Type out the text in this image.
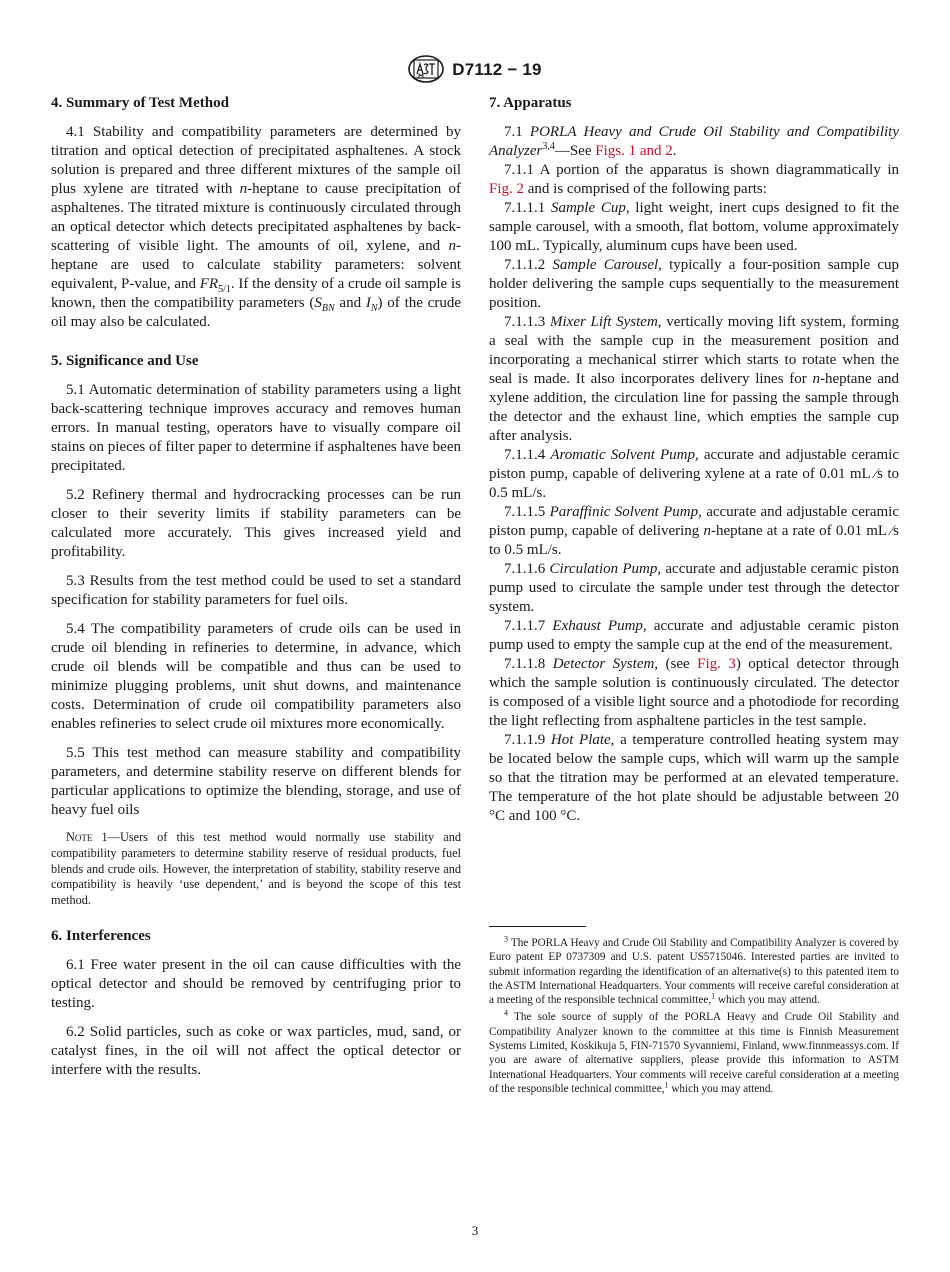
D7112 − 19
4. Summary of Test Method

4.1 Stability and compatibility parameters are determined by titration and optical detection of precipitated asphaltenes. A stock solution is prepared and three different mixtures of the sample oil plus xylene are titrated with n-heptane to cause precipitation of asphaltenes. The titrated mixture is continuously circulated through an optical detector which detects precipitated asphaltenes by back-scattering of visible light. The amounts of oil, xylene, and n-heptane are used to calculate stability parameters: solvent equivalent, P-value, and $FR_{5/1}$. If the density of a crude oil sample is known, then the compatibility parameters ($S_{BN}$ and $I_N$) of the crude oil may also be calculated.

5. Significance and Use

5.1 Automatic determination of stability parameters using a light back-scattering technique improves accuracy and removes human errors. In manual testing, operators have to visually compare oil stains on pieces of filter paper to determine if asphaltenes have been precipitated.

5.2 Refinery thermal and hydrocracking processes can be run closer to their severity limits if stability parameters can be calculated more accurately. This gives increased yield and profitability.

5.3 Results from the test method could be used to set a standard specification for stability parameters for fuel oils.

5.4 The compatibility parameters of crude oils can be used in crude oil blending in refineries to determine, in advance, which crude oil blends will be compatible and thus can be used to minimize plugging problems, unit shut downs, and maintenance costs. Determination of crude oil compatibility parameters also enables refineries to select crude oil mixtures more economically.

5.5 This test method can measure stability and compatibility parameters, and determine stability reserve on different blends for particular applications to optimize the blending, storage, and use of heavy fuel oils

Note 1—Users of this test method would normally use stability and compatibility parameters to determine stability reserve of residual products, fuel blends and crude oils. However, the interpretation of stability, stability reserve and compatibility is heavily ‘use dependent,’ and is beyond the scope of this test method.
6. Interferences

6.1 Free water present in the oil can cause difficulties with the optical detector and should be removed by centrifuging prior to testing.

6.2 Solid particles, such as coke or wax particles, mud, sand, or catalyst fines, in the oil will not affect the optical detector or interfere with the results.

7. Apparatus

7.1 PORLA Heavy and Crude Oil Stability and Compatibility Analyzer$^{3,4}$—See Figs. 1 and 2.

7.1.1 A portion of the apparatus is shown diagrammatically in Fig. 2 and is comprised of the following parts:

7.1.1.1 Sample Cup, light weight, inert cups designed to fit the sample carousel, with a smooth, flat bottom, volume approximately 100 mL. Typically, aluminum cups have been used.

7.1.1.2 Sample Carousel, typically a four-position sample cup holder delivering the sample cups sequentially to the measurement position.

7.1.1.3 Mixer Lift System, vertically moving lift system, forming a seal with the sample cup in the measurement position and incorporating a mechanical stirrer which starts to rotate when the seal is made. It also incorporates delivery lines for n-heptane and xylene addition, the circulation line for passing the sample through the detector and the exhaust line, which empties the sample cup after analysis.

7.1.1.4 Aromatic Solvent Pump, accurate and adjustable ceramic piston pump, capable of delivering xylene at a rate of 0.01 mL ⁄s to 0.5 mL/s.

7.1.1.5 Paraffinic Solvent Pump, accurate and adjustable ceramic piston pump, capable of delivering n-heptane at a rate of 0.01 mL ⁄s to 0.5 mL/s.

7.1.1.6 Circulation Pump, accurate and adjustable ceramic piston pump used to circulate the sample under test through the detector system.

7.1.1.7 Exhaust Pump, accurate and adjustable ceramic piston pump used to empty the sample cup at the end of the measurement.

7.1.1.8 Detector System, (see Fig. 3) optical detector through which the sample solution is continuously circulated. The detector is composed of a visible light source and a photodiode for recording the light reflecting from asphaltene particles in the test sample.

7.1.1.9 Hot Plate, a temperature controlled heating system may be located below the sample cups, which will warm up the sample so that the titration may be performed at an elevated temperature. The temperature of the hot plate should be adjustable between 20 °C and 100 °C.

$^3$ The PORLA Heavy and Crude Oil Stability and Compatibility Analyzer is covered by Euro patent EP 0737309 and U.S. patent US5715046. Interested parties are invited to submit information regarding the identification of an alternative(s) to this patented item to the ASTM International Headquarters. Your comments will receive careful consideration at a meeting of the responsible technical committee,$^1$ which you may attend.
$^4$ The sole source of supply of the PORLA Heavy and Crude Oil Stability and Compatibility Analyzer known to the committee at this time is Finnish Measurement Systems Limited, Koskikuja 5, FIN-71570 Syvanniemi, Finland, www.finnmeassys.com. If you are aware of alternative suppliers, please provide this information to ASTM International Headquarters. Your comments will receive careful consideration at a meeting of the responsible technical committee,$^1$ which you may attend.
3
